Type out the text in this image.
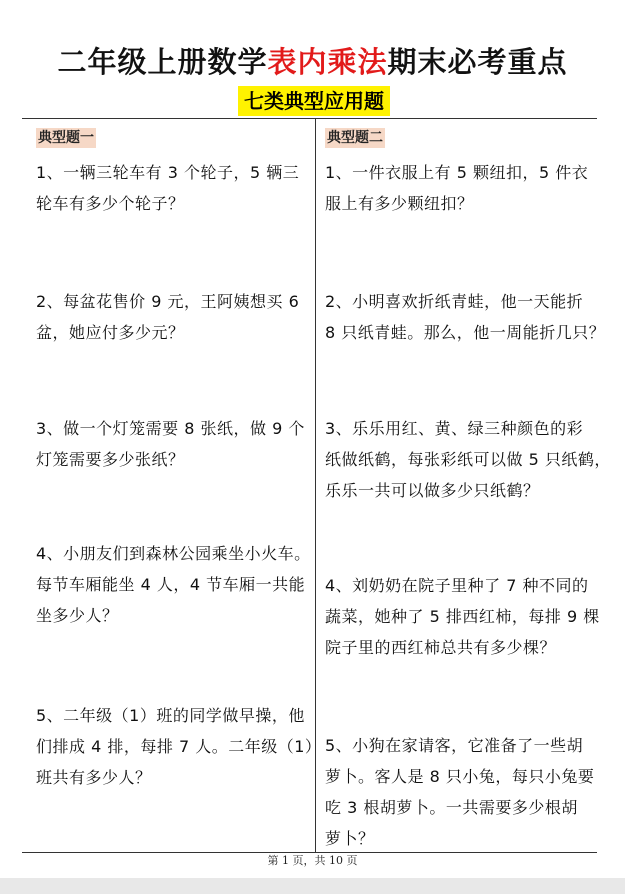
二年级上册数学表内乘法期末必考重点
七类典型应用题
典型题一	典型题二
1、一辆三轮车有 3 个轮子，5 辆三
轮车有多少个轮子？
2、每盆花售价 9 元，王阿姨想买 6
盆，她应付多少元？
3、做一个灯笼需要 8 张纸，做 9 个
灯笼需要多少张纸？
4、小朋友们到森林公园乘坐小火车。
每节车厢能坐 4 人，4 节车厢一共能
坐多少人？
5、二年级（1）班的同学做早操，他
们排成 4 排，每排 7 人。二年级（1）
班共有多少人？
1、一件衣服上有 5 颗纽扣，5 件衣
服上有多少颗纽扣？
2、小明喜欢折纸青蛙，他一天能折
8 只纸青蛙。那么，他一周能折几只？
3、乐乐用红、黄、绿三种颜色的彩
纸做纸鹤，每张彩纸可以做 5 只纸鹤，
乐乐一共可以做多少只纸鹤？
4、刘奶奶在院子里种了 7 种不同的
蔬菜，她种了 5 排西红柿，每排 9 棵
院子里的西红柿总共有多少棵？
5、小狗在家请客，它准备了一些胡
萝卜。客人是 8 只小兔，每只小兔要
吃 3 根胡萝卜。一共需要多少根胡
萝卜？
第 1 页，共 10 页
